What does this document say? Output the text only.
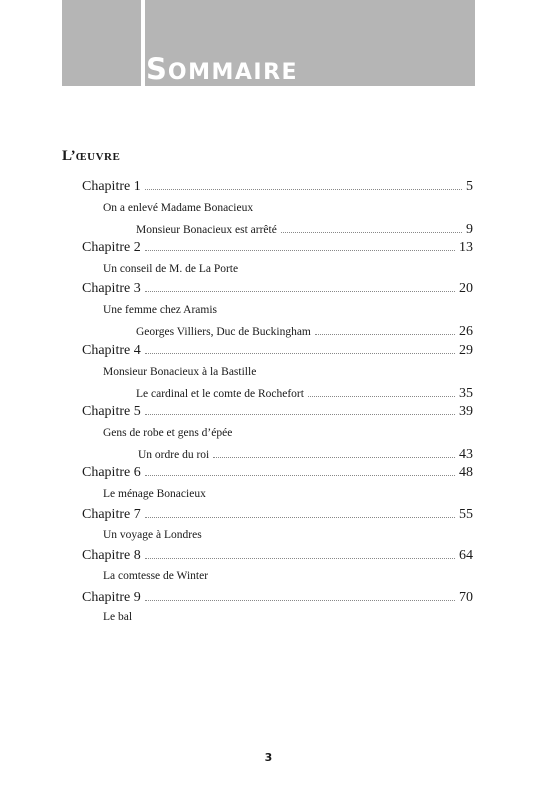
SOMMAIRE
L’ŒUVRE
Chapitre 1	5
On a enlevé Madame Bonacieux
Monsieur Bonacieux est arrêté	9
Chapitre 2	13
Un conseil de M. de La Porte
Chapitre 3	20
Une femme chez Aramis
Georges Villiers, Duc de Buckingham	26
Chapitre 4	29
Monsieur Bonacieux à la Bastille
Le cardinal et le comte de Rochefort	35
Chapitre 5	39
Gens de robe et gens d’épée
Un ordre du roi	43
Chapitre 6	48
Le ménage Bonacieux
Chapitre 7	55
Un voyage à Londres
Chapitre 8	64
La comtesse de Winter
Chapitre 9	70
Le bal
3
